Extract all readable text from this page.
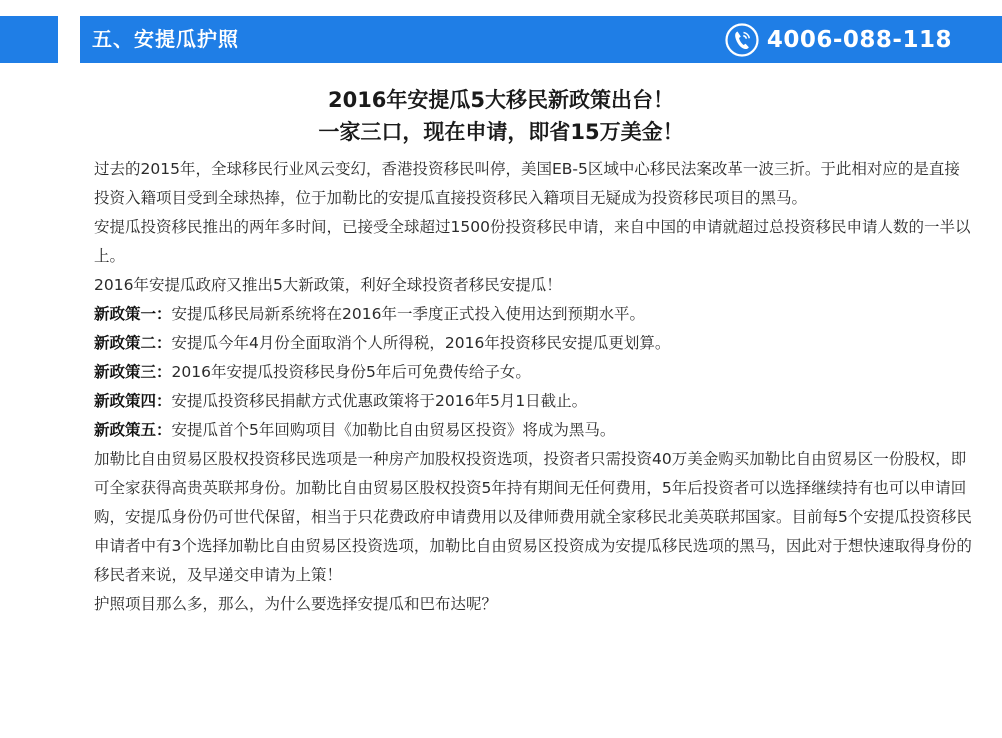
五、安提瓜护照	4006-088-118
2016年安提瓜5大移民新政策出台！
一家三口，现在申请，即省15万美金！

过去的2015年，全球移民行业风云变幻，香港投资移民叫停，美国EB-5区域中心移民法案改革一波三折。于此相对应的是直接投资入籍项目受到全球热捧，位于加勒比的安提瓜直接投资移民入籍项目无疑成为投资移民项目的黑马。

安提瓜投资移民推出的两年多时间，已接受全球超过1500份投资移民申请，来自中国的申请就超过总投资移民申请人数的一半以上。

2016年安提瓜政府又推出5大新政策，利好全球投资者移民安提瓜！

新政策一：安提瓜移民局新系统将在2016年一季度正式投入使用达到预期水平。

新政策二：安提瓜今年4月份全面取消个人所得税，2016年投资移民安提瓜更划算。

新政策三：2016年安提瓜投资移民身份5年后可免费传给子女。

新政策四：安提瓜投资移民捐献方式优惠政策将于2016年5月1日截止。

新政策五：安提瓜首个5年回购项目《加勒比自由贸易区投资》将成为黑马。

加勒比自由贸易区股权投资移民选项是一种房产加股权投资选项，投资者只需投资40万美金购买加勒比自由贸易区一份股权，即可全家获得高贵英联邦身份。加勒比自由贸易区股权投资5年持有期间无任何费用，5年后投资者可以选择继续持有也可以申请回购，安提瓜身份仍可世代保留，相当于只花费政府申请费用以及律师费用就全家移民北美英联邦国家。目前每5个安提瓜投资移民申请者中有3个选择加勒比自由贸易区投资选项，加勒比自由贸易区投资成为安提瓜移民选项的黑马，因此对于想快速取得身份的移民者来说，及早递交申请为上策！

护照项目那么多，那么，为什么要选择安提瓜和巴布达呢？
